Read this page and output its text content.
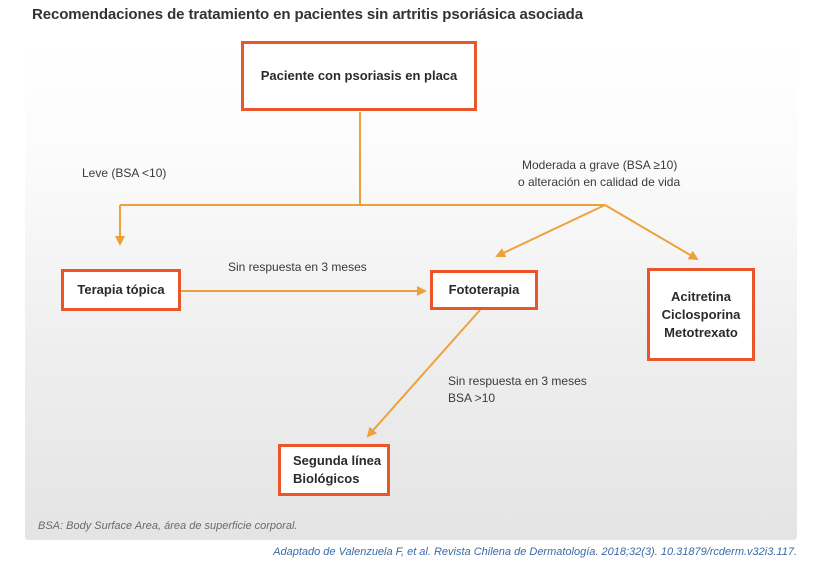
Recomendaciones de tratamiento en pacientes sin artritis psoriásica asociada
Paciente con psoriasis en placa
Terapia tópica	Fototerapia	Acitretina
Ciclosporina
Metotrexato
Segunda línea
Biológicos
Leve (BSA <10)
Moderada a grave (BSA ≥10)
o alteración en calidad de vida
Sin respuesta en 3 meses
Sin respuesta en 3 meses
BSA >10
BSA: Body Surface Area, área de superficie corporal.
Adaptado de Valenzuela F, et al. Revista Chilena de Dermatología. 2018;32(3). 10.31879/rcderm.v32i3.117.
